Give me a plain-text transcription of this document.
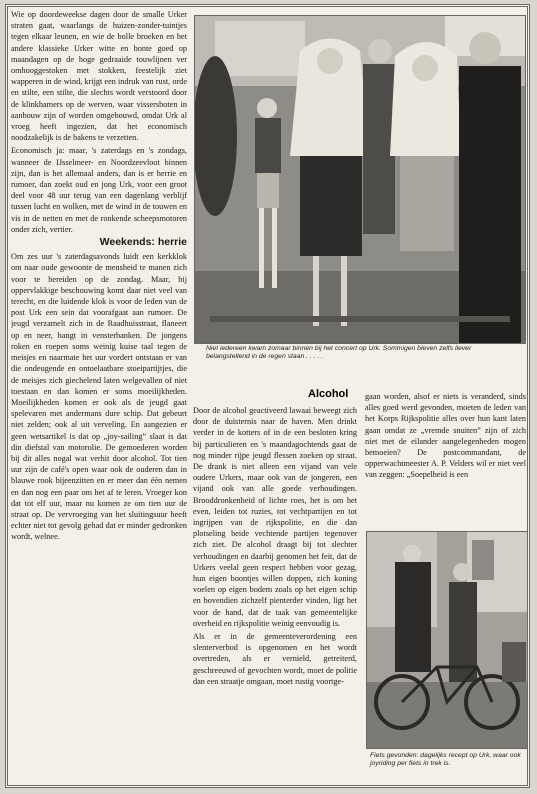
Wie op doordeweekse dagen door de smalle Urker straten gaat, waarlangs de huizen-zonder-tuintjes tegen elkaar leunen, en wie de bolle broeken en het andere klassieke Urker witte en bonte goed op maandagen op de hoge gedraaide touwlijnen ver omhooggestoken met stokken, feestelijk ziet wapperen in de wind, krijgt een indruk van rust, orde en stilte, een stilte, die slechts wordt verstoord door de klinkhamers op de werven, waar vissersboten in aanbouw zijn of worden omgebouwd, omdat Urk al vroeg heeft ingezien, dat het economisch noodzakelijk is de bakens te verzetten.

Economisch ja: maar, 's zaterdags en 's zondags, wanneer de IJsselmeer- en Noordzeevloot binnen zijn, dan is het allemaal anders, dan is er herrie en rumoer, dan zoekt oud en jong Urk, voor een groot deel voor 48 uur terug van een dagenlang verblijf tussen lucht en wolken, met de wind in de touwen en vis in de netten en met de ronkende scheepsmotoren onder zich, vertier.

Weekends: herrie

Om zes uur 's zaterdagsavonds luidt een kerkklok om naar oude gewoonte de mensheid te manen zich voor te bereiden op de zondag. Maar, bij oppervlakkige beschouwing komt daar niet veel van terecht, en die luidende klok is voor de leden van de post Urk een sein dat voorafgaat aan rumoer. De jeugd verzamelt zich in de Raadhuisstraat, flaneert op en neer, hangt in vensterbanken. De jongens roken en roepen soms weinig kuise taal tegen de meisjes en naarmate het uur vordert ontstaan er van die ondeugende en ontoelaatbare stoeipartijtjes, die de meisjes zich giechelend laten welgevallen of niet toestaan en dan komen er soms moeilijkheden. Moeilijkheden komen er ook als de jeugd gaat spelevaren met andermans dure schip. Dat gebeurt niet zelden; ook al uit verveling. En aangezien er geen wetsartikel is dat op „joy-sailing” slaat is dat din diefstal van motorolie. De gemoederen worden bij dit alles nogal wat verhit door alcohol. Tot tien uur zijn de café's open waar ook de ouderen dan in blauwe rook bijeenzitten en er meer dan één nemen en dan nog een paar om het af te leren. Vroeger kon dat tot elf uur, maar nu komen ze om tien uur de straat op. De vervroeging van het sluitingsuur heeft echter niet tot gevolg gehad dat er minder gedronken wordt, welnee.

Niet iedereen kwam zomaar binnen bij het concert op Urk. Sommigen bleven zelfs liever belangstellend in de regen staan . . . . .
Alcohol

Door de alcohol geactiveerd lawaai beweegt zich door de duisternis naar de haven. Men drinkt verder in de kotters of in de een besloten kring bij particulieren en 's maandagochtends gaat de nog minder rijpe jeugd flessen zoeken op straat. De drank is niet alleen een vijand van vele oudere Urkers, maar ook van de jongeren, een vijand ook van alle goede verhoudingen. Brooddronkenheid of lichte roes, het is om het even, leiden tot ruzies, tot vechtpartijen en tot ingrijpen van de rijkspolitie, en die dan plotseling beide vechtende partijen tegenover zich ziet. De alcohol draagt bij tot slechter verhoudingen en daarbij genomen het feit, dat de Urkers veelal geen respect hebben voor gezag, hun eigen boontjes willen doppen, zich koning voelen op eigen bodem zoals op het eigen schip en bovendien zichzelf pienterder vinden, ligt het voor de hand, dat de taak van gemeentelijke overheid en rijkspolitie weinig eenvoudig is.

Als er in de gemeenteverordening een slenterverbod is opgenomen en het wordt overtreden, als er vernield, getreiterd, geschreeuwd of gevochten wordt, moet de politie dan een straatje omgaan, moet rustig voortge-

gaan worden, alsof er niets is veranderd, sinds alles goed werd gevonden, moeten de leden van het Korps Rijkspolitie alles over hun kant laten gaan omdat ze „vremde snuiten” zijn of zich niet met de eilander aangelegenheden mogen bemoeien? De postcommandant, de opperwachtmeester A. P. Velders wil er niet veel van zeggen: „Soepelheid is een

Fiets gevonden: dagelijks recept op Urk, waar ook joyriding per fiets in trek is.
